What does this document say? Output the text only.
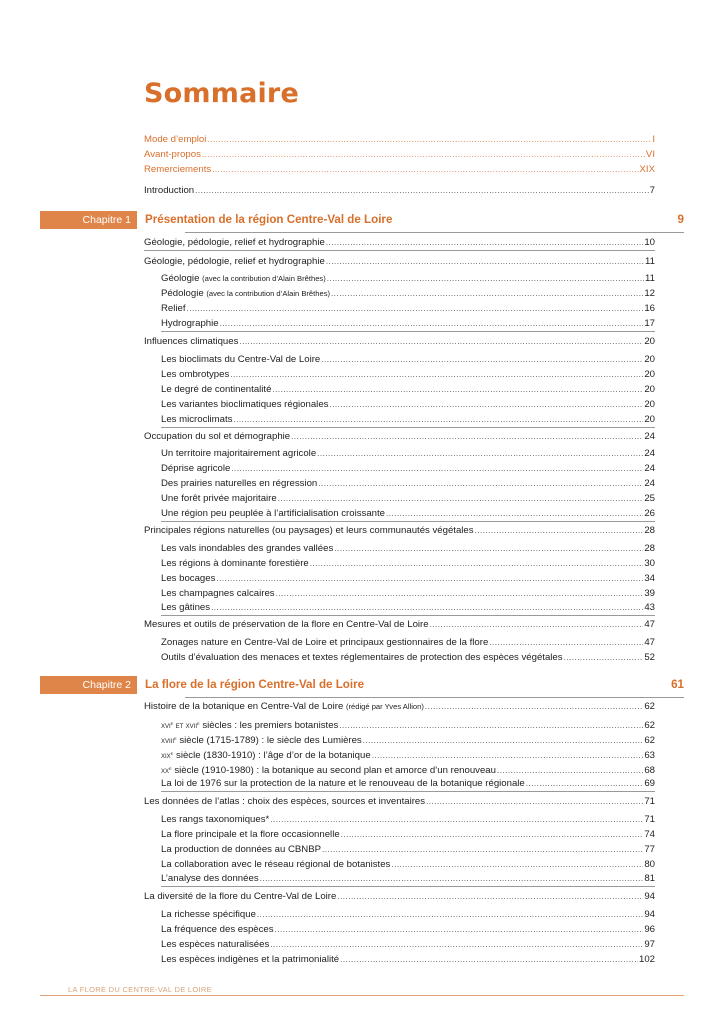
Sommaire
Mode d’emploi .....	I
Avant-propos .....	VI
Remerciements .....	XIX
Introduction .....	7
Chapitre 1	Présentation de la région Centre-Val de Loire	9
Géologie, pédologie, relief et hydrographie .....	10
Géologie, pédologie, relief et hydrographie .....	11
Géologie (avec la contribution d’Alain Brêthes) .....	11
Pédologie (avec la contribution d’Alain Brêthes) .....	12
Relief .....	16
Hydrographie .....	17
Influences climatiques .....	20
Les bioclimats du Centre-Val de Loire .....	20
Les ombrotypes .....	20
Le degré de continentalité .....	20
Les variantes bioclimatiques régionales .....	20
Les microclimats .....	20
Occupation du sol et démographie .....	24
Un territoire majoritairement agricole .....	24
Déprise agricole .....	24
Des prairies naturelles en régression .....	24
Une forêt privée majoritaire .....	25
Une région peu peuplée à l’artificialisation croissante .....	26
Principales régions naturelles (ou paysages) et leurs communautés végétales .....	28
Les vals inondables des grandes vallées .....	28
Les régions à dominante forestière .....	30
Les bocages .....	34
Les champagnes calcaires .....	39
Les gâtines .....	43
Mesures et outils de préservation de la flore en Centre-Val de Loire .....	47
Zonages nature en Centre-Val de Loire et principaux gestionnaires de la flore .....	47
Outils d’évaluation des menaces et textes réglementaires de protection des espèces végétales .....	52
Chapitre 2	La flore de la région Centre-Val de Loire	61
Histoire de la botanique en Centre-Val de Loire (rédigé par Yves Allion) .....	62
xvi$^e$ et xvii$^e$ siècles : les premiers botanistes .....	62
xviii$^e$ siècle (1715-1789) : le siècle des Lumières .....	62
xix$^e$ siècle (1830-1910) : l’âge d’or de la botanique .....	63
$xx^e$ siècle (1910-1980) : la botanique au second plan et amorce d’un renouveau .....	68
La loi de 1976 sur la protection de la nature et le renouveau de la botanique régionale .....	69
Les données de l’atlas : choix des espèces, sources et inventaires .....	71
Les rangs taxonomiques* .....	71
La flore principale et la flore occasionnelle .....	74
La production de données au CBNBP .....	77
La collaboration avec le réseau régional de botanistes .....	80
L’analyse des données .....	81
La diversité de la flore du Centre-Val de Loire .....	94
La richesse spécifique .....	94
La fréquence des espèces .....	96
Les espèces naturalisées .....	97
Les espèces indigènes et la patrimonialité .....	102
LA FLORE DU CENTRE-VAL DE LOIRE
